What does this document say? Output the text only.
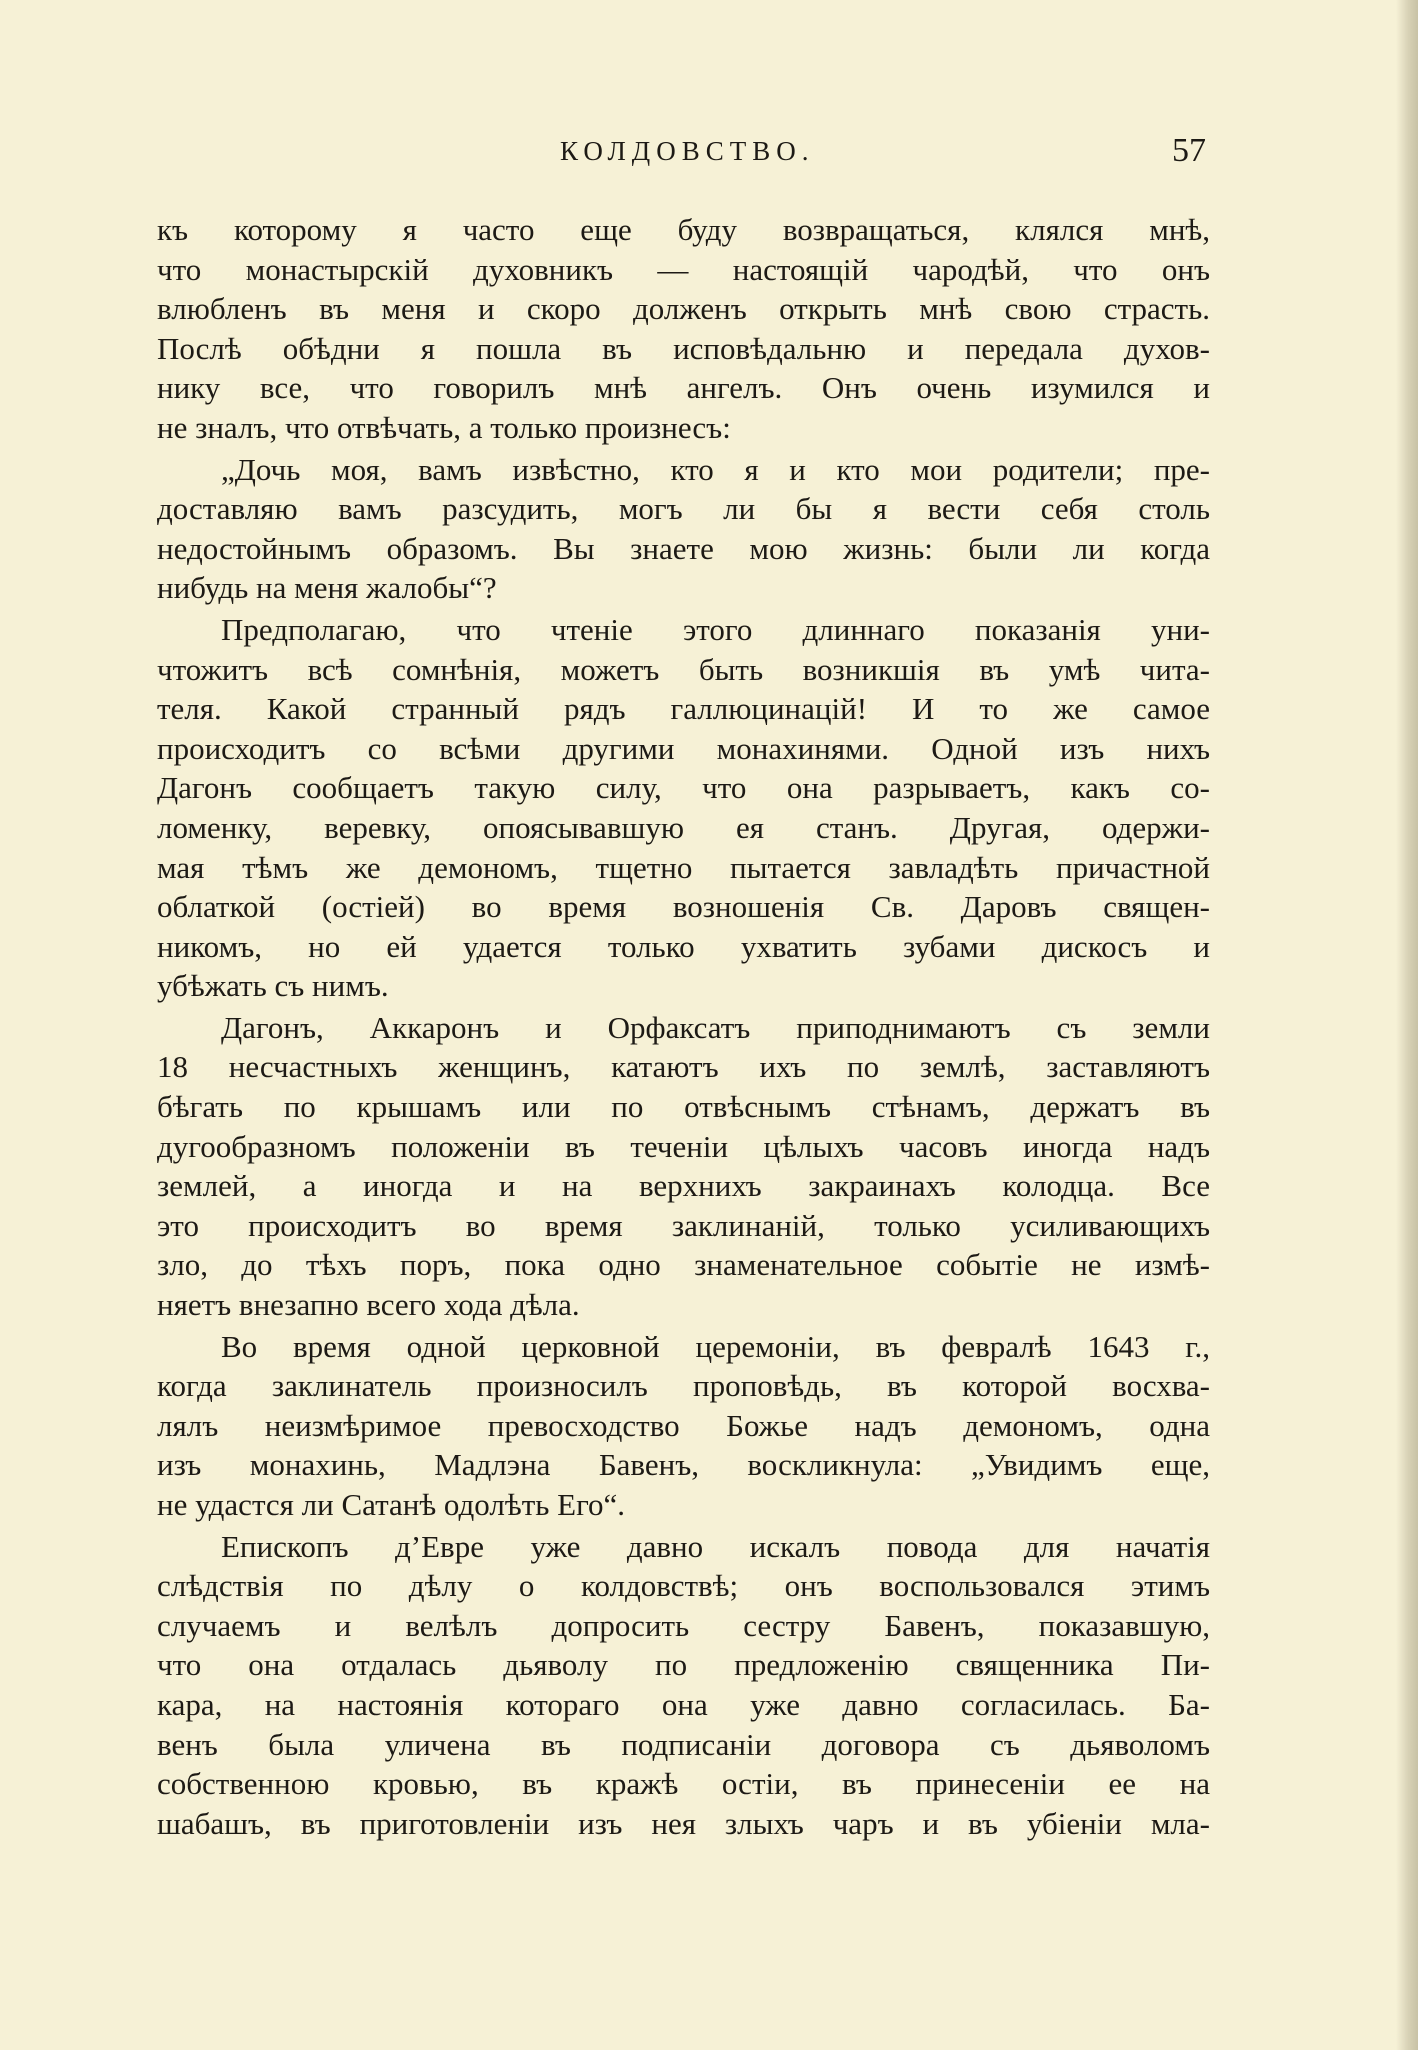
КОЛДОВСТВО.	57

къ которому я часто еще буду возвращаться, клялся мнѣ,
что монастырскій духовникъ — настоящій чародѣй, что онъ
влюбленъ въ меня и скоро долженъ открыть мнѣ свою страсть.
Послѣ обѣдни я пошла въ исповѣдальню и передала духов-
нику все, что говорилъ мнѣ ангелъ. Онъ очень изумился и
не зналъ, что отвѣчать, а только произнесъ:

„Дочь моя, вамъ извѣстно, кто я и кто мои родители; пре-
доставляю вамъ разсудить, могъ ли бы я вести себя столь
недостойнымъ образомъ. Вы знаете мою жизнь: были ли когда
нибудь на меня жалобы“?

Предполагаю, что чтеніе этого длиннаго показанія уни-
чтожитъ всѣ сомнѣнія, можетъ быть возникшія въ умѣ чита-
теля. Какой странный рядъ галлюцинацій! И то же самое
происходитъ со всѣми другими монахинями. Одной изъ нихъ
Дагонъ сообщаетъ такую силу, что она разрываетъ, какъ со-
ломенку, веревку, опоясывавшую ея станъ. Другая, одержи-
мая тѣмъ же демономъ, тщетно пытается завладѣть причастной
облаткой (остіей) во время возношенія Св. Даровъ священ-
никомъ, но ей удается только ухватить зубами дискосъ и
убѣжать съ нимъ.

Дагонъ, Аккаронъ и Орфаксатъ приподнимаютъ съ земли
18 несчастныхъ женщинъ, катаютъ ихъ по землѣ, заставляютъ
бѣгать по крышамъ или по отвѣснымъ стѣнамъ, держатъ въ
дугообразномъ положеніи въ теченіи цѣлыхъ часовъ иногда надъ
землей, а иногда и на верхнихъ закраинахъ колодца. Все
это происходитъ во время заклинаній, только усиливающихъ
зло, до тѣхъ поръ, пока одно знаменательное событіе не измѣ-
няетъ внезапно всего хода дѣла.

Во время одной церковной церемоніи, въ февралѣ 1643 г.,
когда заклинатель произносилъ проповѣдь, въ которой восхва-
лялъ неизмѣримое превосходство Божье надъ демономъ, одна
изъ монахинь, Мадлэна Бавенъ, воскликнула: „Увидимъ еще,
не удастся ли Сатанѣ одолѣть Его“.

Епископъ д’Еврe уже давно искалъ повода для начатія
слѣдствія по дѣлу о колдовствѣ; онъ воспользовался этимъ
случаемъ и велѣлъ допросить сестру Бавенъ, показавшую,
что она отдалась дьяволу по предложенію священника Пи-
кара, на настоянія котораго она уже давно согласилась. Ба-
венъ была уличена въ подписаніи договора съ дьяволомъ
собственною кровью, въ кражѣ остіи, въ принесеніи ее на
шабашъ, въ приготовленіи изъ нея злыхъ чаръ и въ убіеніи мла-
